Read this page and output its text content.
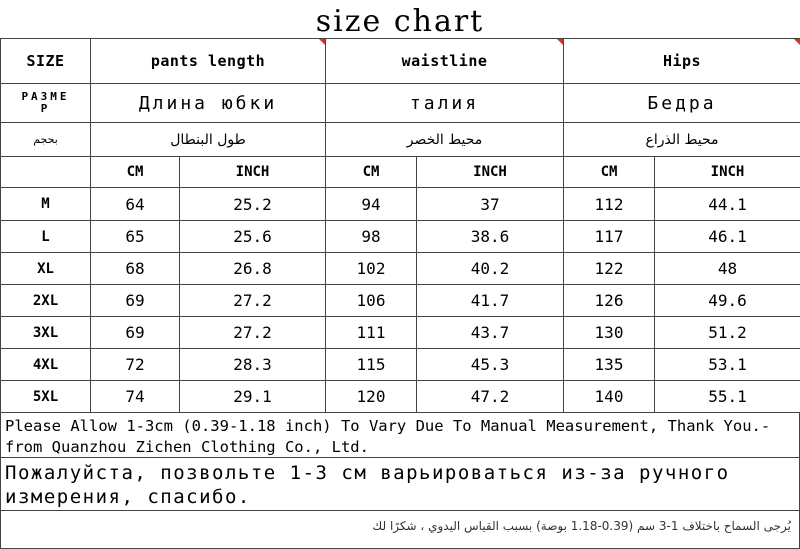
size chart
SIZE	pants length		waistline		Hips	

РАЗМЕ Р	Длина юбки		талия		Бедра	
بحجم	طول البنطال		محيط الخصر		محيط الذراع	
	CM	INCH	CM	INCH	CM	INCH
M	64	25.2	94	37	112	44.1
L	65	25.6	98	38.6	117	46.1
XL	68	26.8	102	40.2	122	48
2XL	69	27.2	106	41.7	126	49.6
3XL	69	27.2	111	43.7	130	51.2
4XL	72	28.3	115	45.3	135	53.1
5XL	74	29.1	120	47.2	140	55.1
Please Allow 1-3cm (0.39-1.18 inch) To Vary Due To Manual Measurement, Thank You.-from Quanzhou Zichen Clothing Co., Ltd.
Пожалуйста, позвольте 1-3 см варьироваться из-за ручного измерения, спасибо.
يُرجى السماح باختلاف 1-3 سم (0.39-1.18 بوصة) بسبب القياس اليدوي ، شكرًا لك
